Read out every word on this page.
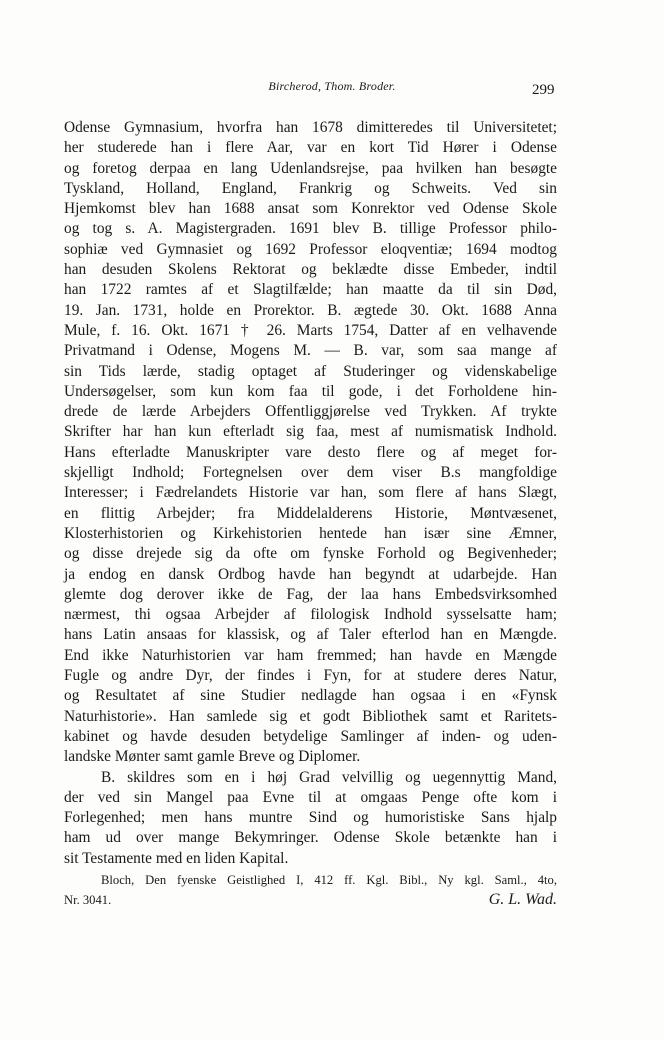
Bircherod, Thom. Broder.	299
Odense Gymnasium, hvorfra han 1678 dimitteredes til Universitetet;
her studerede han i flere Aar, var en kort Tid Hører i Odense
og foretog derpaa en lang Udenlandsrejse, paa hvilken han besøgte
Tyskland, Holland, England, Frankrig og Schweits. Ved sin
Hjemkomst blev han 1688 ansat som Konrektor ved Odense Skole
og tog s. A. Magistergraden. 1691 blev B. tillige Professor philo-
sophiæ ved Gymnasiet og 1692 Professor eloqventiæ; 1694 modtog
han desuden Skolens Rektorat og beklædte disse Embeder, indtil
han 1722 ramtes af et Slagtilfælde; han maatte da til sin Død,
19. Jan. 1731, holde en Prorektor. B. ægtede 30. Okt. 1688 Anna
Mule, f. 16. Okt. 1671 † 26. Marts 1754, Datter af en velhavende
Privatmand i Odense, Mogens M. — B. var, som saa mange af
sin Tids lærde, stadig optaget af Studeringer og videnskabelige
Undersøgelser, som kun kom faa til gode, i det Forholdene hin-
drede de lærde Arbejders Offentliggjørelse ved Trykken. Af trykte
Skrifter har han kun efterladt sig faa, mest af numismatisk Indhold.
Hans efterladte Manuskripter vare desto flere og af meget for-
skjelligt Indhold; Fortegnelsen over dem viser B.s mangfoldige
Interesser; i Fædrelandets Historie var han, som flere af hans Slægt,
en flittig Arbejder; fra Middelalderens Historie, Møntvæsenet,
Klosterhistorien og Kirkehistorien hentede han især sine Æmner,
og disse drejede sig da ofte om fynske Forhold og Begivenheder;
ja endog en dansk Ordbog havde han begyndt at udarbejde. Han
glemte dog derover ikke de Fag, der laa hans Embedsvirksomhed
nærmest, thi ogsaa Arbejder af filologisk Indhold sysselsatte ham;
hans Latin ansaas for klassisk, og af Taler efterlod han en Mængde.
End ikke Naturhistorien var ham fremmed; han havde en Mængde
Fugle og andre Dyr, der findes i Fyn, for at studere deres Natur,
og Resultatet af sine Studier nedlagde han ogsaa i en «Fynsk
Naturhistorie». Han samlede sig et godt Bibliothek samt et Raritets-
kabinet og havde desuden betydelige Samlinger af inden- og uden-
landske Mønter samt gamle Breve og Diplomer.
B. skildres som en i høj Grad velvillig og uegennyttig Mand,
der ved sin Mangel paa Evne til at omgaas Penge ofte kom i
Forlegenhed; men hans muntre Sind og humoristiske Sans hjalp
ham ud over mange Bekymringer. Odense Skole betænkte han i
sit Testamente med en liden Kapital.
Bloch, Den fyenske Geistlighed I, 412 ff. Kgl. Bibl., Ny kgl. Saml., 4to,
Nr. 3041.	G. L. Wad.
